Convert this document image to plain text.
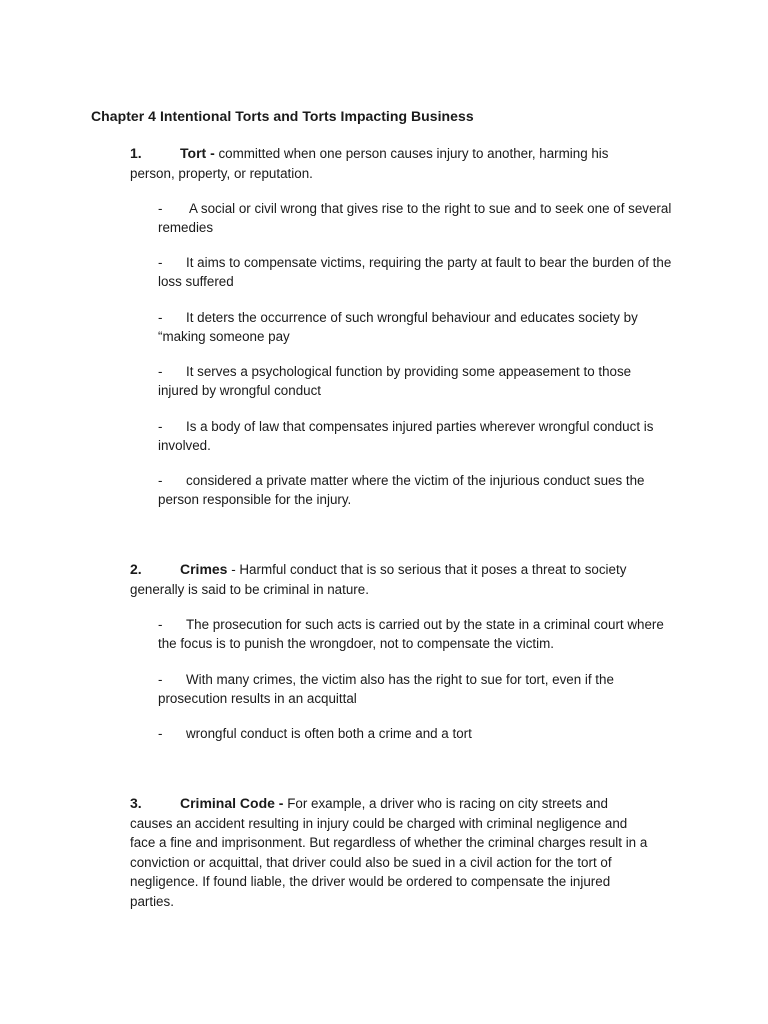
Chapter 4 Intentional Torts and Torts Impacting Business
1.	Tort - committed when one person causes injury to another, harming his person, property, or reputation.
- A social or civil wrong that gives rise to the right to sue and to seek one of several remedies
- It aims to compensate victims, requiring the party at fault to bear the burden of the loss suffered
- It deters the occurrence of such wrongful behaviour and educates society by “making someone pay
- It serves a psychological function by providing some appeasement to those injured by wrongful conduct
- Is a body of law that compensates injured parties wherever wrongful conduct is involved.
- considered a private matter where the victim of the injurious conduct sues the person responsible for the injury.
2.	Crimes - Harmful conduct that is so serious that it poses a threat to society generally is said to be criminal in nature.
- The prosecution for such acts is carried out by the state in a criminal court where the focus is to punish the wrongdoer, not to compensate the victim.
- With many crimes, the victim also has the right to sue for tort, even if the prosecution results in an acquittal
- wrongful conduct is often both a crime and a tort
3.	Criminal Code - For example, a driver who is racing on city streets and causes an accident resulting in injury could be charged with criminal negligence and face a fine and imprisonment. But regardless of whether the criminal charges result in a conviction or acquittal, that driver could also be sued in a civil action for the tort of negligence. If found liable, the driver would be ordered to compensate the injured parties.
